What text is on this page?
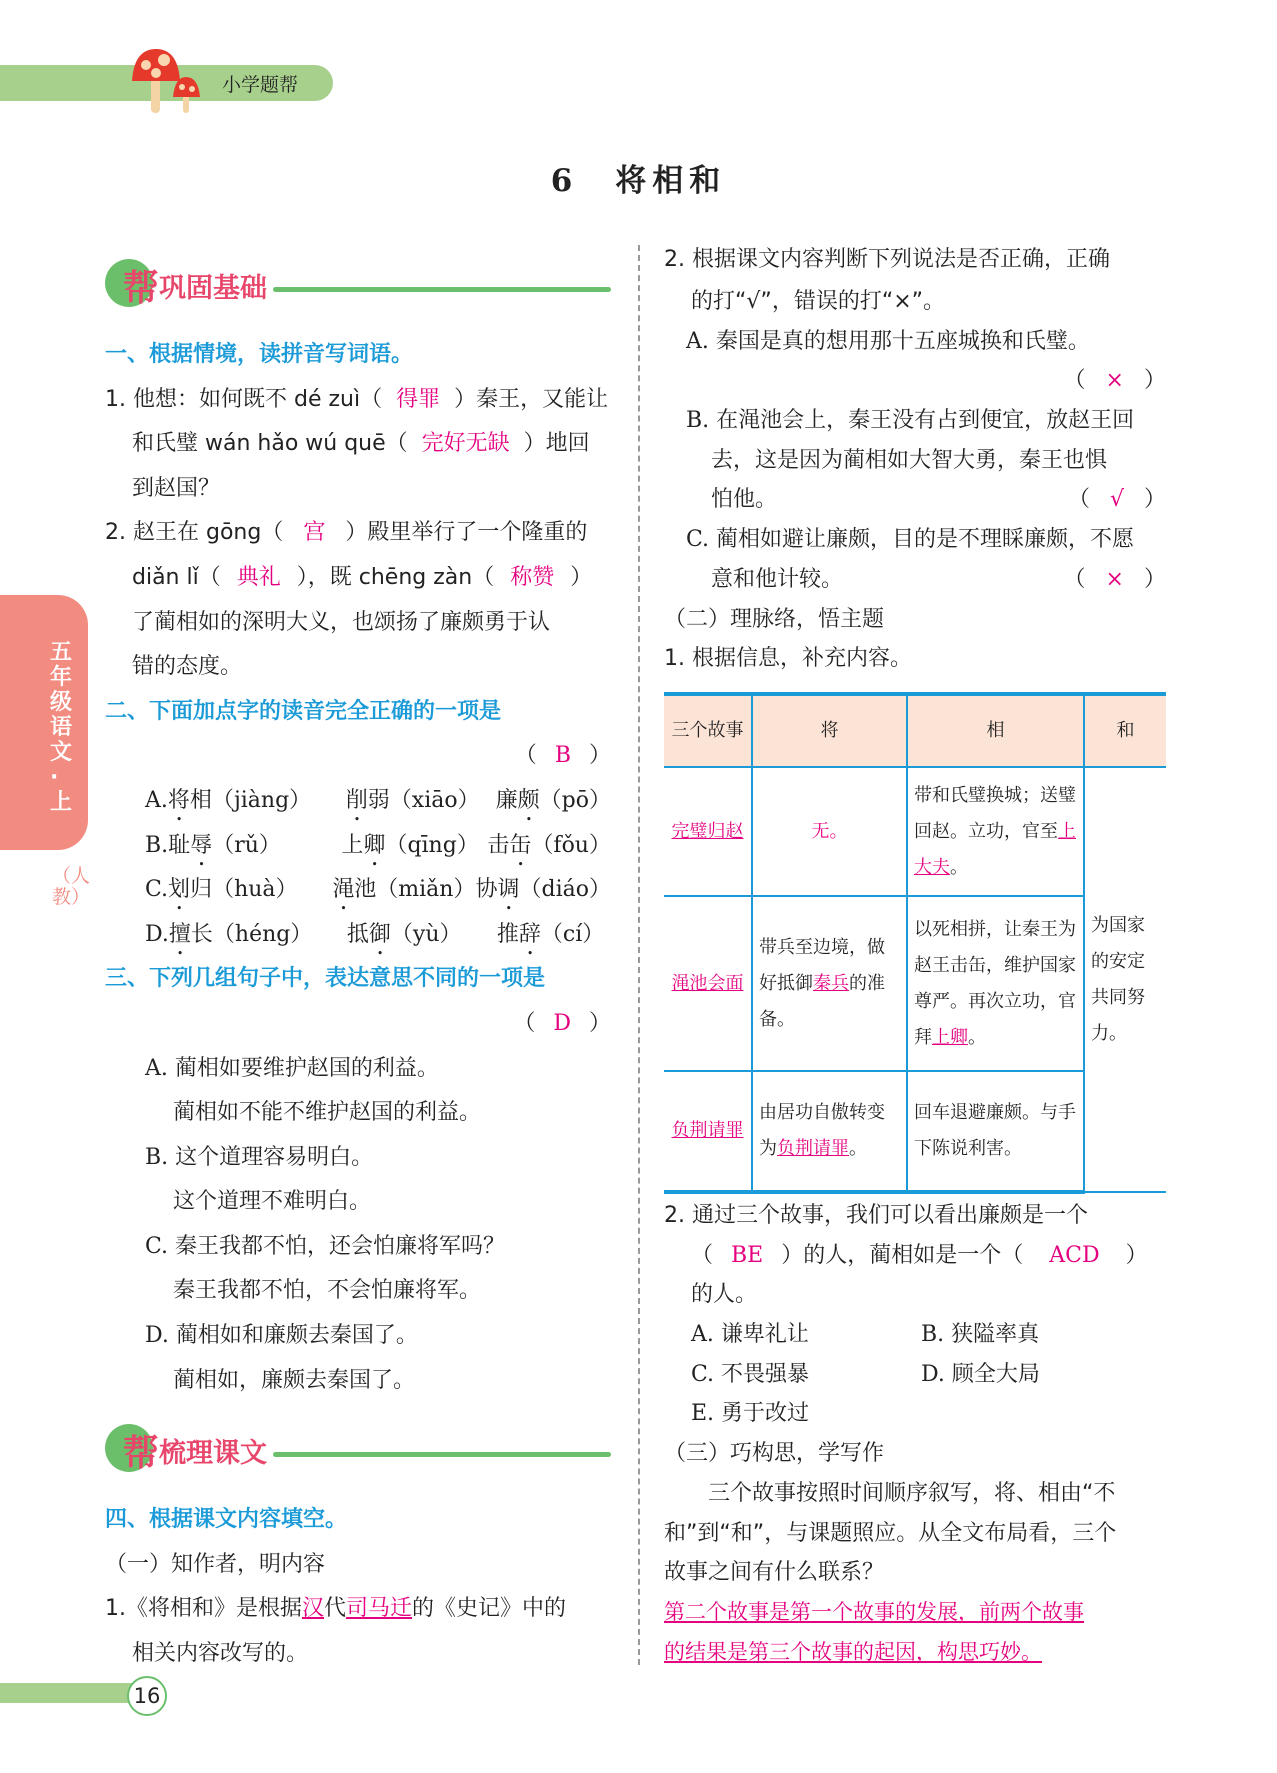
小学题帮
6　将相和
五年级语文·上
（人教）
帮 巩固基础
一、根据情境，读拼音写词语。
1. 他想：如何既不 dé zuì（ 得罪 ）秦王，又能让
和氏璧 wán hǎo wú quē（ 完好无缺 ）地回
到赵国？
2. 赵王在 gōng（ 宫 ）殿里举行了一个隆重的
diǎn lǐ（ 典礼 ），既 chēng zàn（ 称赞 ）
了蔺相如的深明大义，也颂扬了廉颇勇于认
错的态度。
二、下面加点字的读音完全正确的一项是
（ B ）
A. 将相（jiàng）	削弱（xiāo） 廉颇（pō）
B. 耻辱（rǔ）	上卿（qīng） 击缶（fǒu）
C. 划归（huà）	渑池（miǎn） 协调（diáo）
D. 擅长（héng）	抵御（yù）	推辞（cí）
三、下列几组句子中，表达意思不同的一项是
（ D ）
A. 蔺相如要维护赵国的利益。
蔺相如不能不维护赵国的利益。
B. 这个道理容易明白。
这个道理不难明白。
C. 秦王我都不怕，还会怕廉将军吗？
秦王我都不怕，不会怕廉将军。
D. 蔺相如和廉颇去秦国了。
蔺相如，廉颇去秦国了。
帮 梳理课文
四、根据课文内容填空。
（一）知作者，明内容
1.《将相和》是根据汉代司马迁的《史记》中的
相关内容改写的。
2. 根据课文内容判断下列说法是否正确，正确
的打“√”，错误的打“×”。
A. 秦国是真的想用那十五座城换和氏璧。
（ × ）
B. 在渑池会上，秦王没有占到便宜，放赵王回
去，这是因为蔺相如大智大勇，秦王也惧
怕他。	（ √ ）
C. 蔺相如避让廉颇，目的是不理睬廉颇，不愿
意和他计较。	（ × ）
（二）理脉络，悟主题
1. 根据信息，补充内容。
三个故事	将	相	和
完璧归赵	无。	带和氏璧换城；送璧回赵。立功，官至上大夫。	为国家的安定共同努力。
渑池会面	带兵至边境，做好抵御秦兵的准备。	以死相拼，让秦王为赵王击缶，维护国家尊严。再次立功，官拜上卿。	
负荆请罪	由居功自傲转变为负荆请罪。	回车退避廉颇。与手下陈说利害。	
2. 通过三个故事，我们可以看出廉颇是一个
（ BE ）的人，蔺相如是一个（ ACD ）
的人。
A. 谦卑礼让	B. 狭隘率真
C. 不畏强暴	D. 顾全大局
E. 勇于改过
（三）巧构思，学写作
三个故事按照时间顺序叙写，将、相由“不
和”到“和”，与课题照应。从全文布局看，三个
故事之间有什么联系？
第二个故事是第一个故事的发展，前两个故事
的结果是第三个故事的起因，构思巧妙。
16
